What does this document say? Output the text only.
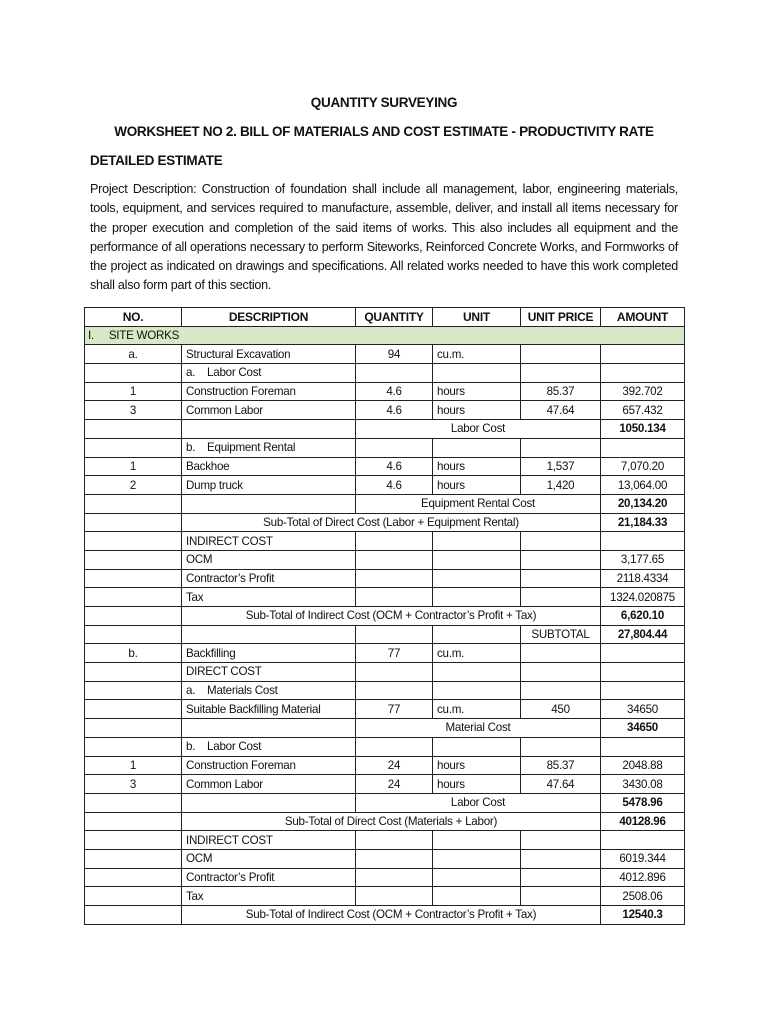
QUANTITY SURVEYING
WORKSHEET NO 2. BILL OF MATERIALS AND COST ESTIMATE - PRODUCTIVITY RATE
DETAILED ESTIMATE
Project Description: Construction of foundation shall include all management, labor, engineering materials, tools, equipment, and services required to manufacture, assemble, deliver, and install all items necessary for the proper execution and completion of the said items of works. This also includes all equipment and the performance of all operations necessary to perform Siteworks, Reinforced Concrete Works, and Formworks of the project as indicated on drawings and specifications. All related works needed to have this work completed shall also form part of this section.
NO.	DESCRIPTION	QUANTITY	UNIT	UNIT PRICE	AMOUNT
I. SITE WORKS					
a.	Structural Excavation	94	cu.m.		
	a.    Labor Cost				
1	Construction Foreman	4.6	hours	85.37	392.702
3	Common Labor	4.6	hours	47.64	657.432
		Labor Cost			1050.134
	b.    Equipment Rental				
1	Backhoe	4.6	hours	1,537	7,070.20
2	Dump truck	4.6	hours	1,420	13,064.00
		Equipment Rental Cost			20,134.20
	Sub-Total of Direct Cost (Labor + Equipment Rental)				21,184.33
	INDIRECT COST				
	OCM				3,177.65
	Contractor’s Profit				2118.4334
	Tax				1324.020875
	Sub-Total of Indirect Cost (OCM + Contractor’s Profit + Tax)				6,620.10
				SUBTOTAL	27,804.44
b.	Backfilling	77	cu.m.		
	DIRECT COST				
	a.    Materials Cost				
	Suitable Backfilling Material	77	cu.m.	450	34650
		Material Cost			34650
	b.    Labor Cost				
1	Construction Foreman	24	hours	85.37	2048.88
3	Common Labor	24	hours	47.64	3430.08
		Labor Cost			5478.96
	Sub-Total of Direct Cost (Materials + Labor)				40128.96
	INDIRECT COST				
	OCM				6019.344
	Contractor’s Profit				4012.896
	Tax				2508.06
	Sub-Total of Indirect Cost (OCM + Contractor’s Profit + Tax)				12540.3
